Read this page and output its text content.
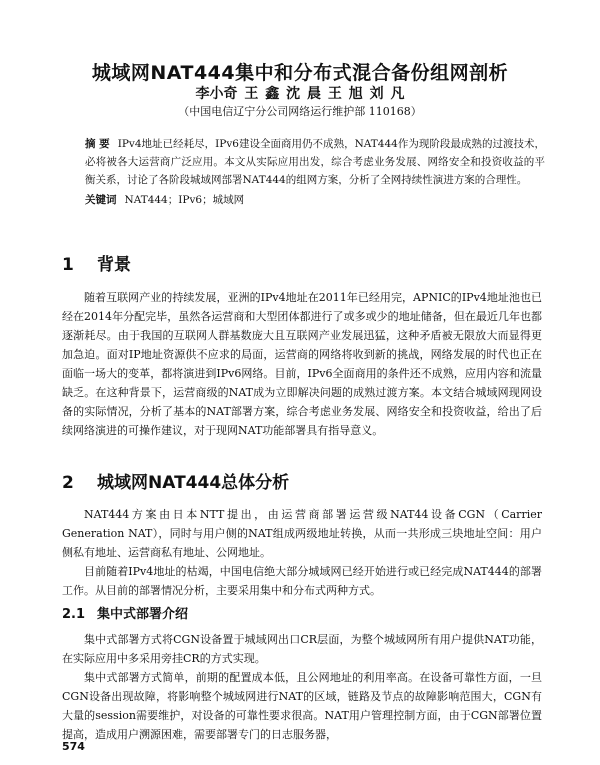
城域网NAT444集中和分布式混合备份组网剖析
李小奇 王 鑫 沈 晨 王 旭 刘 凡
（中国电信辽宁分公司网络运行维护部 110168）
摘 要 IPv4地址已经耗尽，IPv6建设全面商用仍不成熟，NAT444作为现阶段最成熟的过渡技术，必将被各大运营商广泛应用。本文从实际应用出发，综合考虑业务发展、网络安全和投资收益的平衡关系，讨论了各阶段城域网部署NAT444的组网方案，分析了全网持续性演进方案的合理性。
关键词 NAT444；IPv6；城域网
1 背景

随着互联网产业的持续发展，亚洲的IPv4地址在2011年已经用完，APNIC的IPv4地址池也已经在2014年分配完毕，虽然各运营商和大型团体都进行了或多或少的地址储备，但在最近几年也都逐渐耗尽。由于我国的互联网人群基数庞大且互联网产业发展迅猛，这种矛盾被无限放大而显得更加急迫。面对IP地址资源供不应求的局面，运营商的网络将收到新的挑战，网络发展的时代也正在面临一场大的变革，都将演进到IPv6网络。目前，IPv6全面商用的条件还不成熟，应用内容和流量缺乏。在这种背景下，运营商级的NAT成为立即解决问题的成熟过渡方案。本文结合城域网现网设备的实际情况，分析了基本的NAT部署方案，综合考虑业务发展、网络安全和投资收益，给出了后续网络演进的可操作建议，对于现网NAT功能部署具有指导意义。

2 城域网NAT444总体分析

NAT444方案由日本NTT提出，由运营商部署运营级NAT44设备CGN（Carrier Generation NAT），同时与用户侧的NAT组成两级地址转换，从而一共形成三块地址空间：用户侧私有地址、运营商私有地址、公网地址。

目前随着IPv4地址的枯竭，中国电信绝大部分城域网已经开始进行或已经完成NAT444的部署工作。从目前的部署情况分析，主要采用集中和分布式两种方式。

2.1 集中式部署介绍

集中式部署方式将CGN设备置于城域网出口CR层面，为整个城域网所有用户提供NAT功能，在实际应用中多采用旁挂CR的方式实现。

集中式部署方式简单，前期的配置成本低，且公网地址的利用率高。在设备可靠性方面，一旦CGN设备出现故障，将影响整个城域网进行NAT的区域，链路及节点的故障影响范围大，CGN有大量的session需要维护，对设备的可靠性要求很高。NAT用户管理控制方面，由于CGN部署位置提高，造成用户溯源困难，需要部署专门的日志服务器，

574
